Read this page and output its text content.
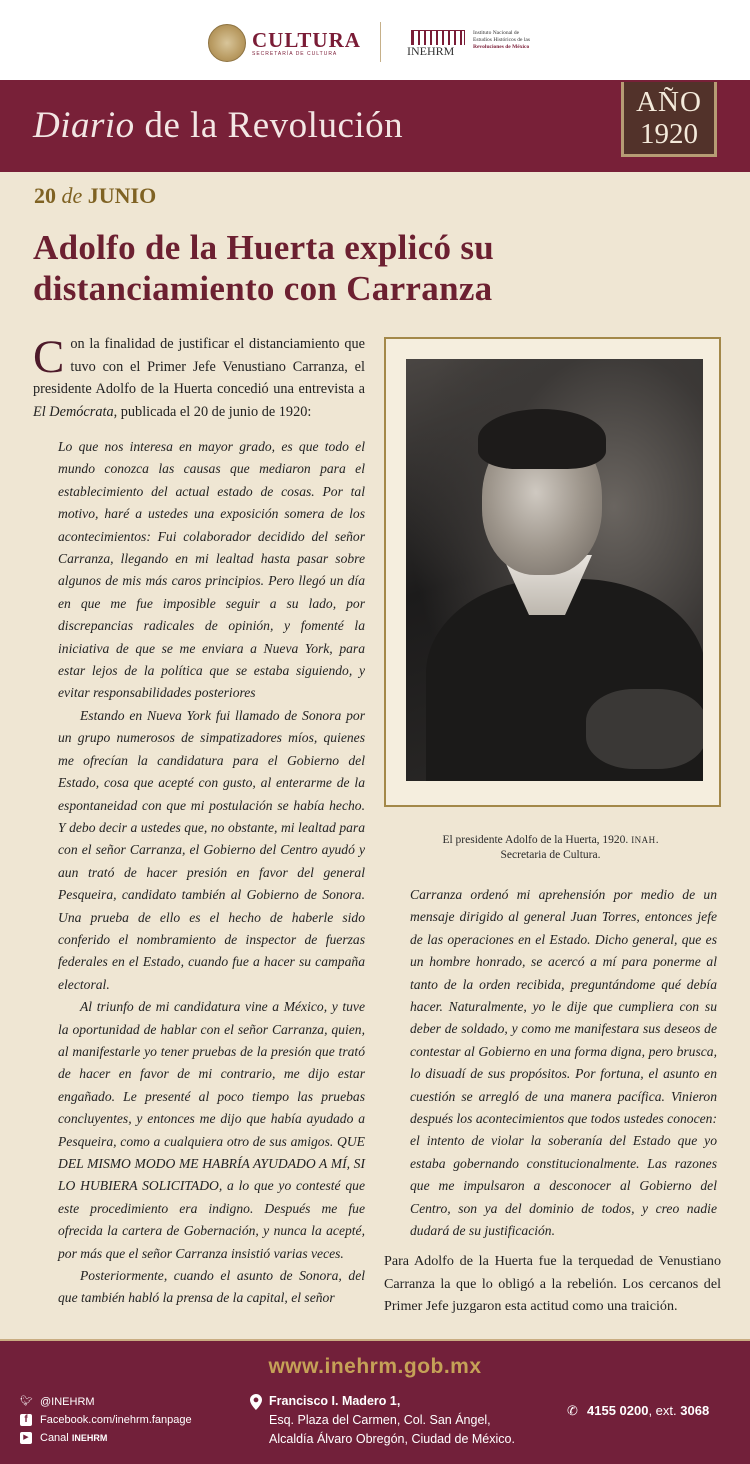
CULTURA
SECRETARÍA DE CULTURA	INEHRM
Instituto Nacional de
Estudios Históricos de las
Revoluciones de México
Diario de la Revolución
AÑO
1920
20 de JUNIO
Adolfo de la Huerta explicó su distanciamiento con Carranza
Con la finalidad de justificar el distanciamiento que tuvo con el Primer Jefe Venustiano Carranza, el presidente Adolfo de la Huerta concedió una entrevista a El Demócrata, publicada el 20 de junio de 1920:

Lo que nos interesa en mayor grado, es que todo el mundo conozca las causas que mediaron para el establecimiento del actual estado de cosas. Por tal motivo, haré a ustedes una exposición somera de los acontecimientos: Fui colaborador decidido del señor Carranza, llegando en mi lealtad hasta pasar sobre algunos de mis más caros principios. Pero llegó un día en que me fue imposible seguir a su lado, por discrepancias radicales de opinión, y fomenté la iniciativa de que se me enviara a Nueva York, para estar lejos de la política que se estaba siguiendo, y evitar responsabilidades posteriores

Estando en Nueva York fui llamado de Sonora por un grupo numerosos de simpatizadores míos, quienes me ofrecían la candidatura para el Gobierno del Estado, cosa que acepté con gusto, al enterarme de la espontaneidad con que mi postulación se había hecho. Y debo decir a ustedes que, no obstante, mi lealtad para con el señor Carranza, el Gobierno del Centro ayudó y aun trató de hacer presión en favor del general Pesqueira, candidato también al Gobierno de Sonora. Una prueba de ello es el hecho de haberle sido conferido el nombramiento de inspector de fuerzas federales en el Estado, cuando fue a hacer su campaña electoral.

Al triunfo de mi candidatura vine a México, y tuve la oportunidad de hablar con el señor Carranza, quien, al manifestarle yo tener pruebas de la presión que trató de hacer en favor de mi contrario, me dijo estar engañado. Le presenté al poco tiempo las pruebas concluyentes, y entonces me dijo que había ayudado a Pesqueira, como a cualquiera otro de sus amigos. QUE DEL MISMO MODO ME HABRÍA AYUDADO A MÍ, SI LO HUBIERA SOLICITADO, a lo que yo contesté que este procedimiento era indigno. Después me fue ofrecida la cartera de Gobernación, y nunca la acepté, por más que el señor Carranza insistió varias veces.

Posteriormente, cuando el asunto de Sonora, del que también habló la prensa de la capital, el señor

El presidente Adolfo de la Huerta, 1920. INAH.
Secretaria de Cultura.
Carranza ordenó mi aprehensión por medio de un mensaje dirigido al general Juan Torres, entonces jefe de las operaciones en el Estado. Dicho general, que es un hombre honrado, se acercó a mí para ponerme al tanto de la orden recibida, preguntándome qué debía hacer. Naturalmente, yo le dije que cumpliera con su deber de soldado, y como me manifestara sus deseos de contestar al Gobierno en una forma digna, pero brusca, lo disuadí de sus propósitos. Por fortuna, el asunto en cuestión se arregló de una manera pacífica. Vinieron después los acontecimientos que todos ustedes conocen: el intento de violar la soberanía del Estado que yo estaba gobernando constitucionalmente. Las razones que me impulsaron a desconocer al Gobierno del Centro, son ya del dominio de todos, y creo nadie dudará de su justificación.
Para Adolfo de la Huerta fue la terquedad de Venustiano Carranza la que lo obligó a la rebelión. Los cercanos del Primer Jefe juzgaron esta actitud como una traición.
www.inehrm.gob.mx
🐦︎ @INEHRM
f	Facebook.com/inehrm.fanpage
▶	Canal
INEHRM
Francisco I. Madero 1,
Esq. Plaza del Carmen, Col. San Ángel,
Alcaldía Álvaro Obregón, Ciudad de México.
✆ 4155 0200, ext. 3068
